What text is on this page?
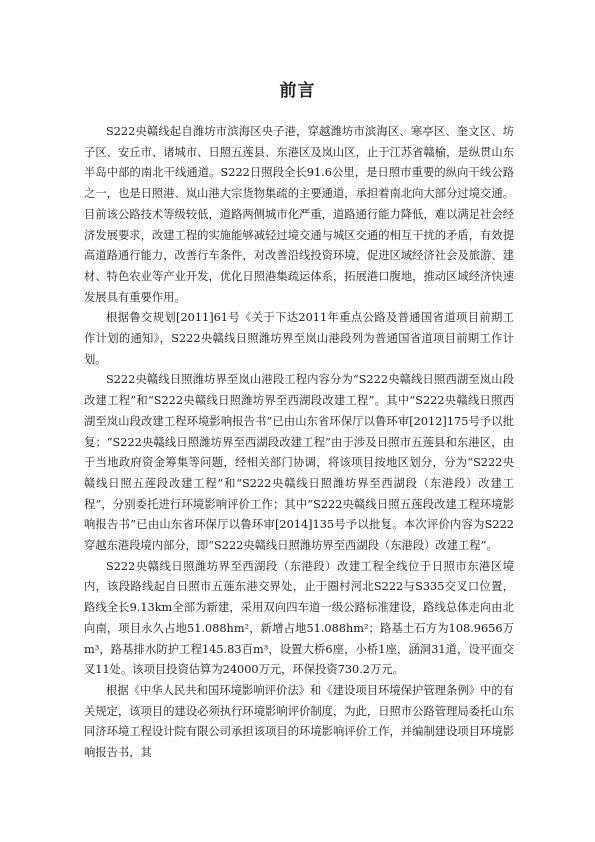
前言

S222央赣线起自潍坊市滨海区央子港，穿越潍坊市滨海区、寒亭区、奎文区、坊子区、安丘市、诸城市、日照五莲县、东港区及岚山区，止于江苏省赣榆，是纵贯山东半岛中部的南北干线通道。S222日照段全长91.6公里，是日照市重要的纵向干线公路之一，也是日照港、岚山港大宗货物集疏的主要通道，承担着南北向大部分过境交通。目前该公路技术等级较低，道路两侧城市化严重，道路通行能力降低，难以满足社会经济发展要求，改建工程的实施能够减轻过境交通与城区交通的相互干扰的矛盾，有效提高道路通行能力，改善行车条件，对改善沿线投资环境，促进区域经济社会及旅游、建材、特色农业等产业开发，优化日照港集疏运体系，拓展港口腹地，推动区域经济快速发展具有重要作用。

根据鲁交规划[2011]61号《关于下达2011年重点公路及普通国省道项目前期工作计划的通知》，S222央赣线日照潍坊界至岚山港段列为普通国省道项目前期工作计划。

S222央赣线日照潍坊界至岚山港段工程内容分为“S222央赣线日照西湖至岚山段改建工程”和“S222央赣线日照潍坊界至西湖段改建工程”。其中“S222央赣线日照西湖至岚山段改建工程环境影响报告书”已由山东省环保厅以鲁环审[2012]175号予以批复；“S222央赣线日照潍坊界至西湖段改建工程”由于涉及日照市五莲县和东港区，由于当地政府资金筹集等问题，经相关部门协调，将该项目按地区划分，分为“S222央赣线日照五莲段改建工程”和“S222央赣线日照潍坊界至西湖段（东港段）改建工程”，分别委托进行环境影响评价工作；其中“S222央赣线日照五莲段改建工程环境影响报告书”已由山东省环保厅以鲁环审[2014]135号予以批复。本次评价内容为S222穿越东港段境内部分，即“S222央赣线日照潍坊界至西湖段（东港段）改建工程”。

S222央赣线日照潍坊界至西湖段（东港段）改建工程全线位于日照市东港区境内，该段路线起自日照市五莲东港交界处，止于圈村河北S222与S335交叉口位置，路线全长9.13km全部为新建，采用双向四车道一级公路标准建设，路线总体走向由北向南，项目永久占地51.088hm²，新增占地51.088hm²；路基土石方为108.9656万m³，路基排水防护工程145.83百m³，设置大桥6座，小桥1座，涵洞31道，设平面交叉11处。该项目投资估算为24000万元，环保投资730.2万元。

根据《中华人民共和国环境影响评价法》和《建设项目环境保护管理条例》中的有关规定，该项目的建设必须执行环境影响评价制度，为此，日照市公路管理局委托山东同济环境工程设计院有限公司承担该项目的环境影响评价工作，并编制建设项目环境影响报告书，其
